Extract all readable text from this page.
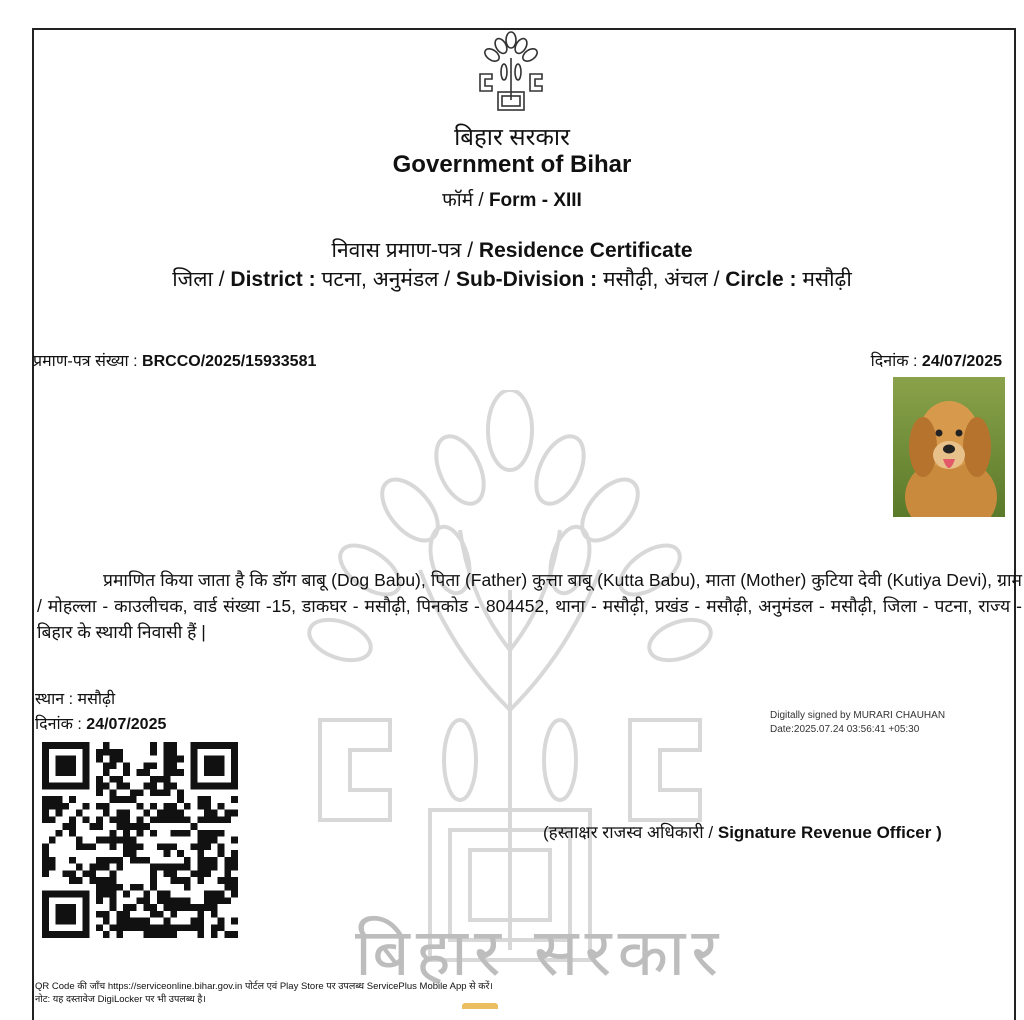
बिहार सरकार
बिहार सरकार
Government of Bihar
फॉर्म / Form - XIII
निवास प्रमाण-पत्र / Residence Certificate
जिला / District : पटना, अनुमंडल / Sub-Division : मसौढ़ी, अंचल / Circle : मसौढ़ी
प्रमाण-पत्र संख्या : BRCCO/2025/15933581	दिनांक : 24/07/2025
प्रमाणित किया जाता है कि डॉग बाबू (Dog Babu), पिता (Father) कुत्ता बाबू (Kutta Babu), माता (Mother) कुटिया देवी (Kutiya Devi), ग्राम / मोहल्ला - काउलीचक, वार्ड संख्या -15, डाकघर - मसौढ़ी, पिनकोड - 804452, थाना - मसौढ़ी, प्रखंड - मसौढ़ी, अनुमंडल - मसौढ़ी, जिला - पटना, राज्य - बिहार के स्थायी निवासी हैं |
स्थान : मसौढ़ी
दिनांक : 24/07/2025
Digitally signed by MURARI CHAUHAN
Date:2025.07.24 03:56:41 +05:30
(हस्ताक्षर राजस्व अधिकारी / Signature Revenue Officer )
QR Code की जाँच https://serviceonline.bihar.gov.in पोर्टल एवं Play Store पर उपलब्ध ServicePlus Mobile App से करें।
नोट: यह दस्तावेज DigiLocker पर भी उपलब्ध है।
